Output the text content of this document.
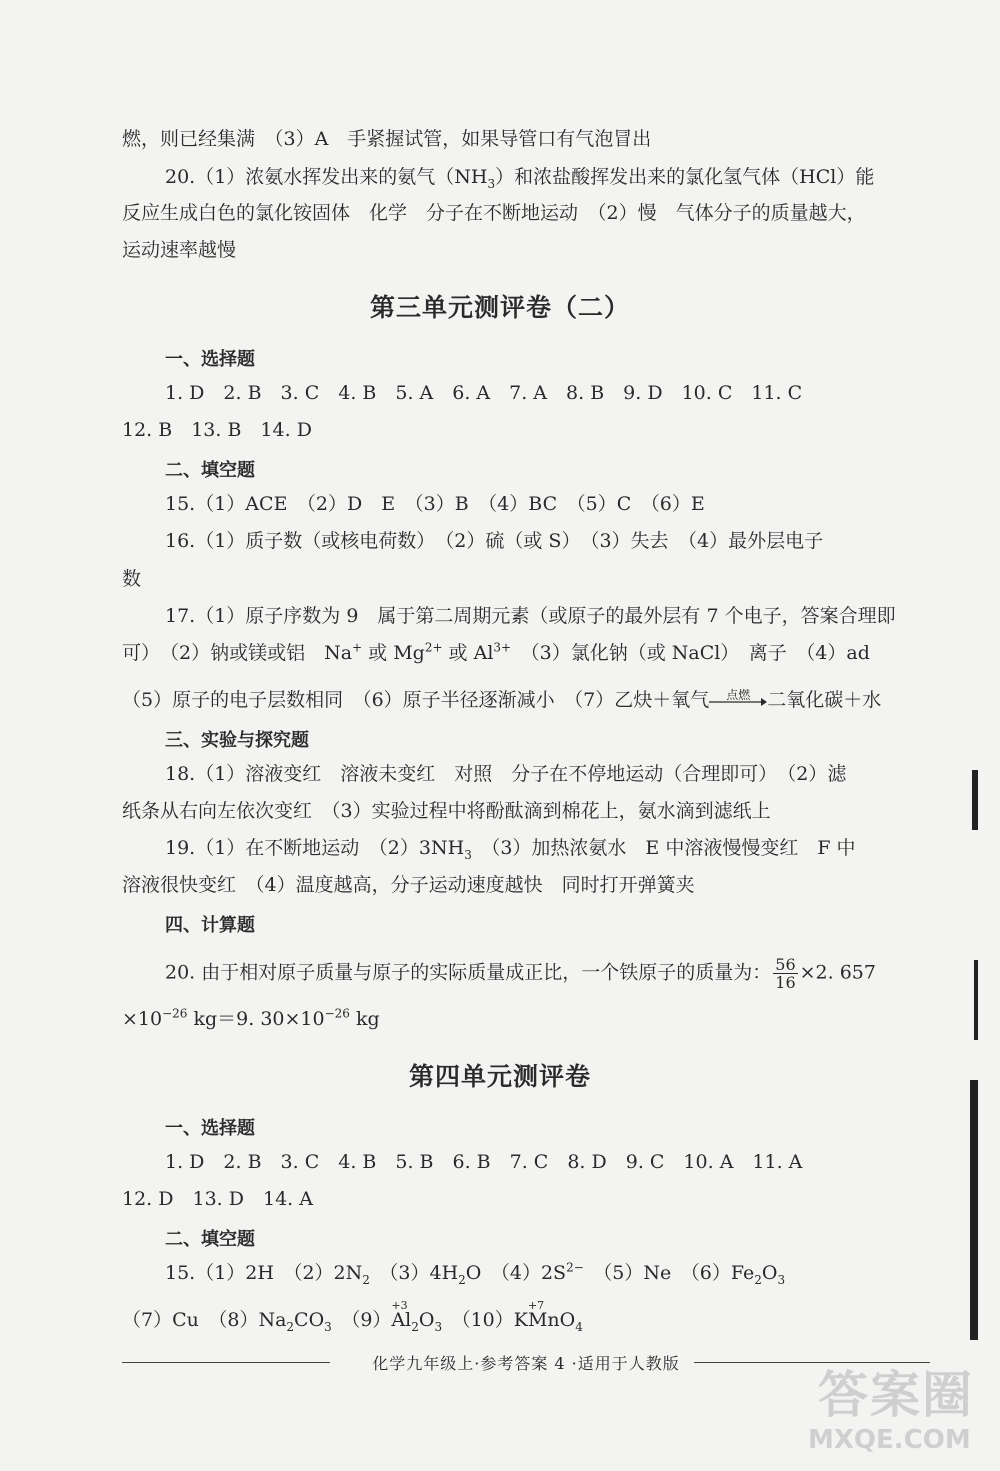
燃，则已经集满　（3）A　手紧握试管，如果导管口有气泡冒出
20.（1）浓氨水挥发出来的氨气$(NH_3)$和浓盐酸挥发出来的氯化氢气体（HCl）能
反应生成白色的氯化铵固体　化学　分子在不断地运动　（2）慢　气体分子的质量越大，
运动速率越慢
第三单元测评卷（二）
一、选择题
1. D　2. B　3. C　4. B　5. A　6. A　7. A　8. B　9. D　10. C　11. C
12. B　13. B　14. D
二、填空题
15.（1）ACE　（2）D　E　（3）B　（4）BC　（5）C　（6）E
16.（1）质子数（或核电荷数）　（2）硫（或 S）　（3）失去　（4）最外层电子
数
17.（1）原子序数为 9　属于第二周期元素（或原子的最外层有 7 个电子，答案合理即
可）　（2）钠或镁或铝　Na+ 或 $Mg^{2+}$ 或 $Al^{3+}$　（3）氯化钠（或 NaCl）　离子　（4）ad
（5）原子的电子层数相同　（6）原子半径逐渐减小　（7）乙炔＋氧气	点燃 二氧化碳＋水
三、实验与探究题
18.（1）溶液变红　溶液未变红　对照　分子在不停地运动（合理即可）　（2）滤
纸条从右向左依次变红　（3）实验过程中将酚酞滴到棉花上，氨水滴到滤纸上
19.（1）在不断地运动　$(2)3NH_3$　（3）加热浓氨水　E 中溶液慢慢变红　F 中
溶液很快变红　（4）温度越高，分子运动速度越快　同时打开弹簧夹
四、计算题
20. 由于相对原子质量与原子的实际质量成正比，一个铁原子的质量为： $\frac{56}{16} \times 2$. 657
$\times 10^{-26}$ kg＝9. $30\times 10^{-26}$ kg
第四单元测评卷
一、选择题
1. D　2. B　3. C　4. B　5. B　6. B　7. C　8. D　9. C　10. A　11. A
12. D　13. D　14. A
二、填空题
15.（1）2H　$(2)2N_2$　$(3)4H_2O$　$(4)2S^{2-}$　（5）Ne　$(6)Fe_2O_3$
（7）Cu　$(8)Na_2CO_3$　（9）
+3
$Al_2O_3$　（10）K
+7
MnO$_4$
化学九年级上·参考答案 4 ·适用于人教版
答案圈
MXQE.COM
